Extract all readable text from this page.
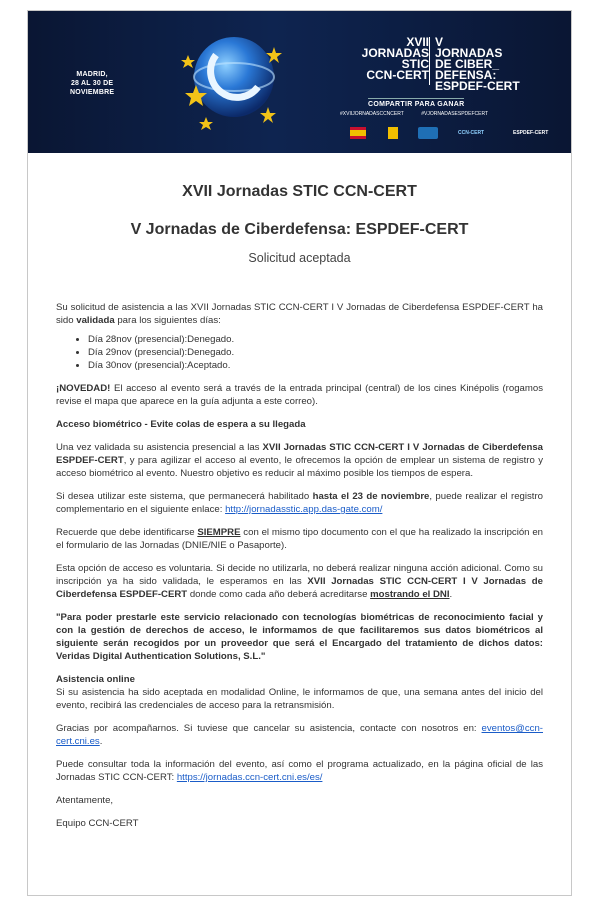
MADRID,
28 AL 30 DE
NOVIEMBRE
XVII
JORNADAS
STIC
CCN-CERT
V
JORNADAS
DE CIBER_
DEFENSA:
ESPDEF-CERT
COMPARTIR PARA GANAR
#XVIIJORNADASCCNCERT	#VJORNADASESPDEFCERT
CCN-CERT	ESPDEF-CERT
XVII Jornadas STIC CCN-CERT
V Jornadas de Ciberdefensa: ESPDEF-CERT
Solicitud aceptada

Su solicitud de asistencia a las XVII Jornadas STIC CCN-CERT I V Jornadas de Ciberdefensa ESPDEF-CERT ha sido validada para los siguientes días:

• Día 28nov (presencial):Denegado.
• Día 29nov (presencial):Denegado.
• Día 30nov (presencial):Aceptado.

¡NOVEDAD! El acceso al evento será a través de la entrada principal (central) de los cines Kinépolis (rogamos revise el mapa que aparece en la guía adjunta a este correo).

Acceso biométrico - Evite colas de espera a su llegada

Una vez validada su asistencia presencial a las XVII Jornadas STIC CCN-CERT I V Jornadas de Ciberdefensa ESPDEF-CERT, y para agilizar el acceso al evento, le ofrecemos la opción de emplear un sistema de registro y acceso biométrico al evento. Nuestro objetivo es reducir al máximo posible los tiempos de espera.

Si desea utilizar este sistema, que permanecerá habilitado hasta el 23 de noviembre, puede realizar el registro complementario en el siguiente enlace: http://jornadasstic.app.das-gate.com/

Recuerde que debe identificarse SIEMPRE con el mismo tipo documento con el que ha realizado la inscripción en el formulario de las Jornadas (DNIE/NIE o Pasaporte).

Esta opción de acceso es voluntaria. Si decide no utilizarla, no deberá realizar ninguna acción adicional. Como su inscripción ya ha sido validada, le esperamos en las XVII Jornadas STIC CCN-CERT I V Jornadas de Ciberdefensa ESPDEF-CERT donde como cada año deberá acreditarse mostrando el DNI.

"Para poder prestarle este servicio relacionado con tecnologías biométricas de reconocimiento facial y con la gestión de derechos de acceso, le informamos de que facilitaremos sus datos biométricos al siguiente serán recogidos por un proveedor que será el Encargado del tratamiento de dichos datos: Veridas Digital Authentication Solutions, S.L."

Asistencia online
Si su asistencia ha sido aceptada en modalidad Online, le informamos de que, una semana antes del inicio del evento, recibirá las credenciales de acceso para la retransmisión.

Gracias por acompañarnos. Si tuviese que cancelar su asistencia, contacte con nosotros en: eventos@ccn-cert.cni.es.

Puede consultar toda la información del evento, así como el programa actualizado, en la página oficial de las Jornadas STIC CCN-CERT: https://jornadas.ccn-cert.cni.es/es/

Atentamente,

Equipo CCN-CERT
